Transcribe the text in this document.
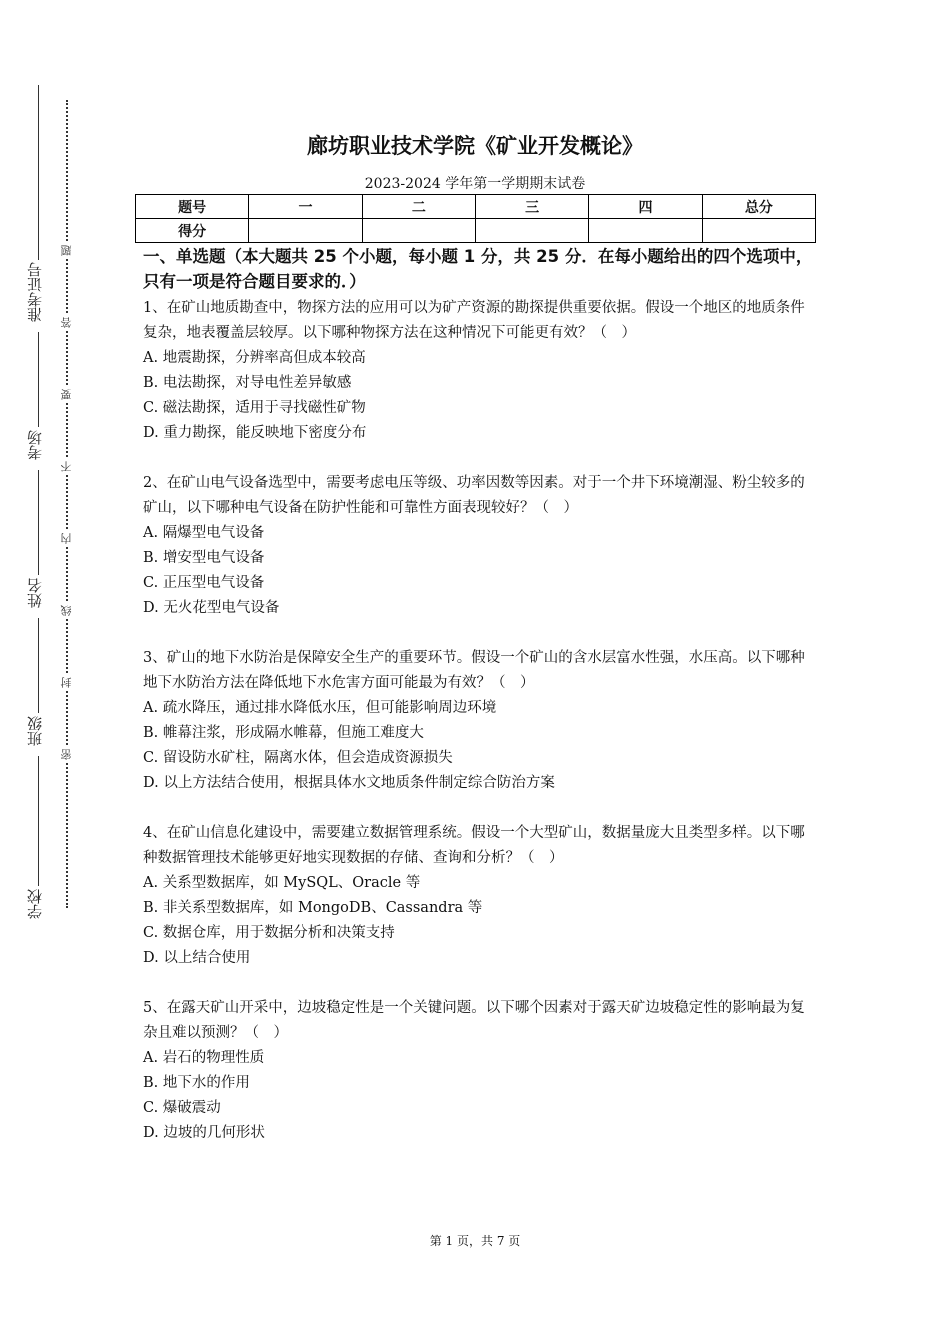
准考证号
考场
姓名
班级
学校
题
答
要
不
内
线
封
密
廊坊职业技术学院《矿业开发概论》
2023-2024 学年第一学期期末试卷
题号	一	二	三	四	总分
得分					

一、单选题（本大题共 25 个小题，每小题 1 分，共 25 分．在每小题给出的四个选项中，只有一项是符合题目要求的．）

1、在矿山地质勘查中，物探方法的应用可以为矿产资源的勘探提供重要依据。假设一个地区的地质条件复杂，地表覆盖层较厚。以下哪种物探方法在这种情况下可能更有效？（　）

A. 地震勘探，分辨率高但成本较高

B. 电法勘探，对导电性差异敏感

C. 磁法勘探，适用于寻找磁性矿物

D. 重力勘探，能反映地下密度分布

2、在矿山电气设备选型中，需要考虑电压等级、功率因数等因素。对于一个井下环境潮湿、粉尘较多的矿山，以下哪种电气设备在防护性能和可靠性方面表现较好？（　）

A. 隔爆型电气设备

B. 增安型电气设备

C. 正压型电气设备

D. 无火花型电气设备

3、矿山的地下水防治是保障安全生产的重要环节。假设一个矿山的含水层富水性强，水压高。以下哪种地下水防治方法在降低地下水危害方面可能最为有效？（　）

A. 疏水降压，通过排水降低水压，但可能影响周边环境

B. 帷幕注浆，形成隔水帷幕，但施工难度大

C. 留设防水矿柱，隔离水体，但会造成资源损失

D. 以上方法结合使用，根据具体水文地质条件制定综合防治方案

4、在矿山信息化建设中，需要建立数据管理系统。假设一个大型矿山，数据量庞大且类型多样。以下哪种数据管理技术能够更好地实现数据的存储、查询和分析？（　）

A. 关系型数据库，如 MySQL、Oracle 等

B. 非关系型数据库，如 MongoDB、Cassandra 等

C. 数据仓库，用于数据分析和决策支持

D. 以上结合使用

5、在露天矿山开采中，边坡稳定性是一个关键问题。以下哪个因素对于露天矿边坡稳定性的影响最为复杂且难以预测？（　）

A. 岩石的物理性质

B. 地下水的作用

C. 爆破震动

D. 边坡的几何形状

第 1 页，共 7 页
